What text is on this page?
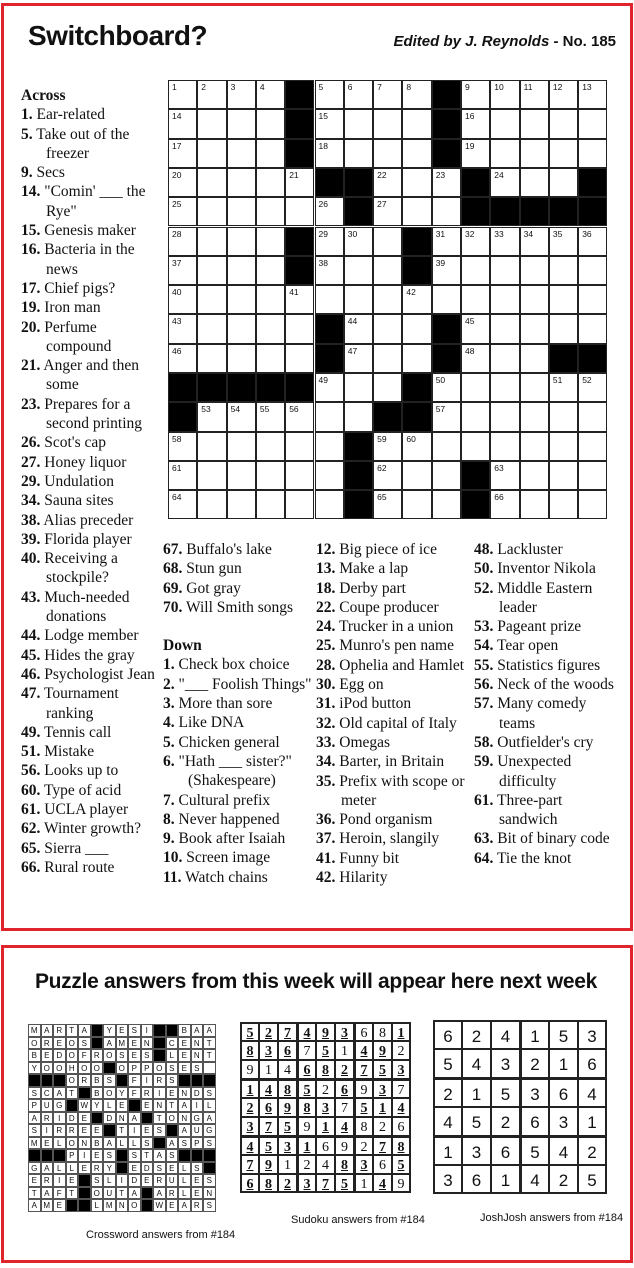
Switchboard?	Edited by J. Reynolds - No. 185
1	2	3	4	5	6	7	8	9	10 11 12 13
14	15	16
17	18	19
20	21	22	23	24
25	26	27
28	29 30	31 32 33 34 35 36
37	38	39
40	41	42
43	44	45
46	47	48
49	50	51 52
53 54 55 56	57
58	59 60
61	62	63
64	65	66
Across
1. Ear-related
5. Take out of the freezer
9. Secs
14. "Comin' ___ the Rye"
15. Genesis maker
16. Bacteria in the news
17. Chief pigs?
19. Iron man
20. Perfume compound
21. Anger and then some
23. Prepares for a second printing
26. Scot's cap
27. Honey liquor
29. Undulation
34. Sauna sites
38. Alias preceder
39. Florida player
40. Receiving a stockpile?
43. Much-needed donations
44. Lodge member
45. Hides the gray
46. Psychologist Jean
47. Tournament ranking
49. Tennis call
51. Mistake
56. Looks up to
60. Type of acid
61. UCLA player
62. Winter growth?
65. Sierra ___
66. Rural route
67. Buffalo's lake
68. Stun gun
69. Got gray
70. Will Smith songs
Down
1. Check box choice
2. "___ Foolish Things"
3. More than sore
4. Like DNA
5. Chicken general
6. "Hath ___ sister?" (Shakespeare)
7. Cultural prefix
8. Never happened
9. Book after Isaiah
10. Screen image
11. Watch chains
12. Big piece of ice
13. Make a lap
18. Derby part
22. Coupe producer
24. Trucker in a union
25. Munro's pen name
28. Ophelia and Hamlet
30. Egg on
31. iPod button
32. Old capital of Italy
33. Omegas
34. Barter, in Britain
35. Prefix with scope or meter
36. Pond organism
37. Heroin, slangily
41. Funny bit
42. Hilarity
48. Lackluster
50. Inventor Nikola
52. Middle Eastern leader
53. Pageant prize
54. Tear open
55. Statistics figures
56. Neck of the woods
57. Many comedy teams
58. Outfielder's cry
59. Unexpected difficulty
61. Three-part sandwich
63. Bit of binary code
64. Tie the knot
Puzzle answers from this week will appear here next week
M A R T A	Y E S	I	B A A
O R E O S	A M E N	C E N T
B E D O F R O S E S	L E N T
Y O O H O O	O P P O S E S
O R B S	F	I	R S
S C A T	B O Y F R	I	E N D S
P U G	W Y L E	E N T A	I	L
A R	I	D E	D N A	T O N G A
S	I	R R E E	T	I	E S	A U G
M E L O N B A L	L S	A S P S
P	I	E S	S T A S
G A L	L E R Y	E D S E L S
E R	I	E	S L	I	D E R U L E S
T A F T	O U T A	A R L E N
A M E	L M N O	W E A R S
Crossword answers from #184
5 2 7 4 9 3 6 8 1
8 3 6 7 5 1 4 9 2
9 1 4 6 8 2 7 5 3
1 4 8 5 2 6 9 3 7
2 6 9 8 3 7 5 1 4
3 7 5 9 1 4 8 2 6
4 5 3 1 6 9 2 7 8
7 9 1 2 4 8 3 6 5
6 8 2 3 7 5 1 4 9
Sudoku answers from #184
6	2	4	1	5	3
5	4	3	2	1	6
2	1	5	3	6	4
4	5	2	6	3	1
1	3	6	5	4	2
3	6	1	4	2	5
JoshJosh answers from #184
